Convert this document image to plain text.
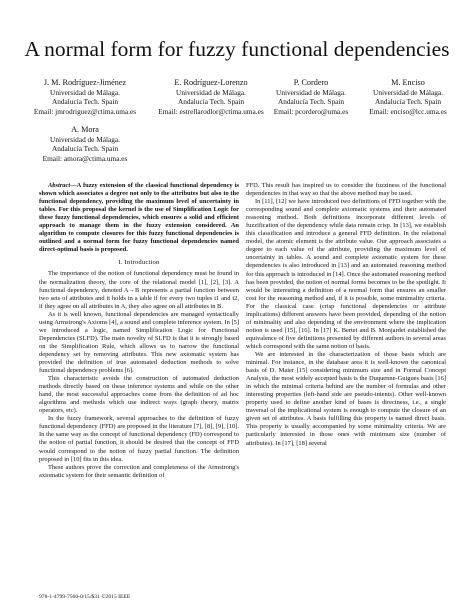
A normal form for fuzzy functional dependencies
J. M. Rodríguez-Jiménez
Universidad de Málaga.
Andalucía Tech. Spain
Email: jmrodriguez@ctima.uma.es
E. Rodríguez-Lorenzo
Universidad de Málaga.
Andalucía Tech. Spain
Email: estrellarodlor@ctima.uma.es
P. Cordero
Universidad de Málaga.
Andalucía Tech. Spain
Email: pcordero@uma.es
M. Enciso
Universidad de Málaga.
Andalucía Tech. Spain
Email: enciso@lcc.uma.es
A. Mora
Universidad de Málaga.
Andalucía Tech. Spain
Email: amora@ctima.uma.es

Abstract—A fuzzy extension of the classical functional dependency is shown which associates a degree not only to the attributes but also to the functional dependency, providing the maximum level of uncertainty in tables. For this proposal the kernel is the use of Simplification Logic for these fuzzy functional dependencies, which ensures a solid and efficient approach to manage them in the fuzzy extension considered. An algorithm to compute closures for this fuzzy functional dependencies is outlined and a normal form for fuzzy functional dependencies named direct-optimal basis is proposed.

I. Introduction

The importance of the notion of functional dependency must be found in the normalization theory, the core of the relational model [1], [2], [3]. A functional dependency, denoted A→B represents a partial function between two sets of attributes and it holds in a table if for every two tuples t1 and t2, if they agree on all attributes in A, they also agree on all attributes in B.

As it is well known, functional dependencies are managed syntactically using Armstrong's Axioms [4], a sound and complete inference system. In [5] we introduced a logic, named Simplification Logic for Functional Dependencies (SLFD). The main novelty of SLFD is that it is strongly based on the Simplification Rule, which allows us to narrow the functional dependency set by removing attributes. This new axiomatic system has provided the definition of true automated deduction methods to solve functional dependency problems [6].

This characteristic avoids the construction of automated deduction methods directly based on these inference systems and while on the other hand, the most successful approaches come from the definition of ad hoc algorithms and methods which use indirect ways (graph theory, matrix operators, etc).

In the fuzzy framework, several approaches to the definition of fuzzy functional dependency (FFD) are proposed in the literature [7], [8], [9], [10]. In the same way as the concept of functional dependency (FD) correspond to the notion of partial function, it should be desired that the concept of FFD would correspond to the notion of fuzzy partial function. The definition proposed in [10] fits in this idea.

These authors prove the correction and completeness of the Armstrong's axiomatic system for their semantic definition of

FFD. This result has inspired us to consider the fuzziness of the functional dependencies in that way so that the above method may be used.

In [11], [12] we have introduced two definitions of FFD together with the corresponding sound and complete axiomatic systems and their automated reasoning method. Both definitions incorporate different levels of fuzzification of the dependency while data remain crisp. In [13], we establish this classification and introduce a general FFD definition. In the relational model, the atomic element is the attribute value. Our approach associates a degree to each value of the attribute, providing the maximum level of uncertainty in tables. A sound and complete axiomatic system for these dependencies is also introduced in [13] and an automated reasoning method for this approach is introduced in [14]. Once the automated reasoning method has been provided, the notion of normal forms becomes to be the spotlight. It would be interesting a definition of a normal form that ensures an smaller cost for the reasoning method and, if it is possible, some minimality criteria. For the classical case (crisp functional dependencies or attribute implications) different answers have been provided, depending of the notion of minimality and also depending of the environment where the implication notion is used [15], [16]. In [17] K. Bertet and B. Monjardet established the equivalence of five definitions presented by different authors in several areas which correspond with the same notion of basis.

We are interested in the characterization of those basis which are minimal. For instance, in the database area it is well-known the canonical basis of D. Maier [15] considering minimum size and in Formal Concept Analysis, the most widely accepted basis is the Duquenne-Guigues basis [16] in which the minimal criteria behind are the number of formulas and other interesting properties (left-hand side are pseudo-intents). Other well-known property used to define another kind of bases is directness, i.e., a single traversal of the implicational system is enough to compute the closure of an given set of attributes. A basis fulfilling this property is named direct basis. This property is usually accompanied by some minimality criteria. We are particularly interested in those ones with minimum size (number of attributes). In [17], [18] several

978-1-4799-7560-0/15/$31 ©2015 IEEE
